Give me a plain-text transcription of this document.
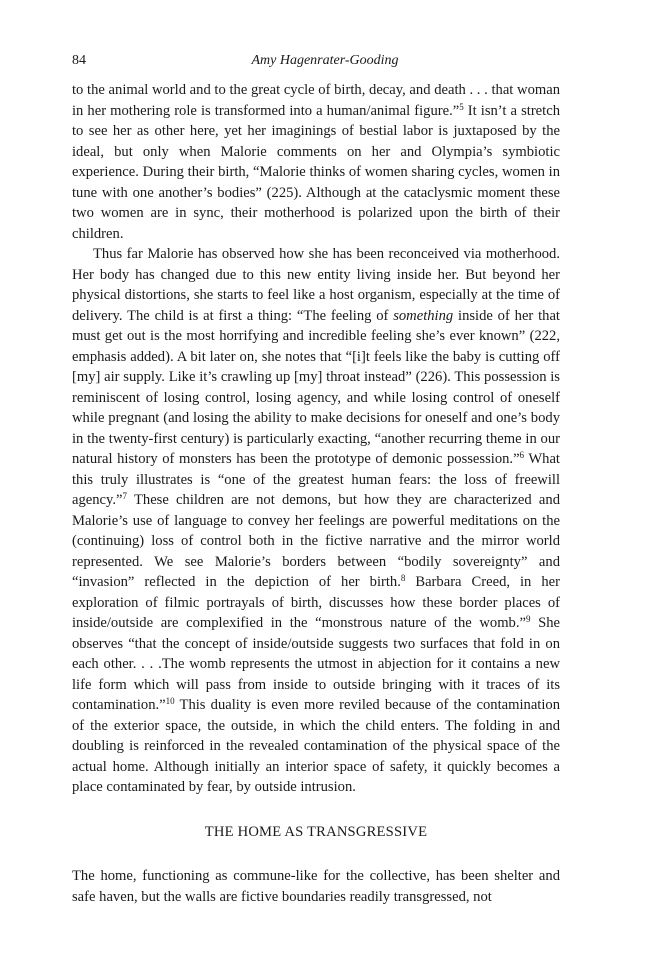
84	Amy Hagenrater-Gooding

to the animal world and to the great cycle of birth, decay, and death . . . that woman in her mothering role is transformed into a human/animal figure.”$^5$ It isn’t a stretch to see her as other here, yet her imaginings of bestial labor is juxtaposed by the ideal, but only when Malorie comments on her and Olympia’s symbiotic experience. During their birth, “Malorie thinks of women sharing cycles, women in tune with one another’s bodies” (225). Although at the cataclysmic moment these two women are in sync, their motherhood is polarized upon the birth of their children.

Thus far Malorie has observed how she has been reconceived via motherhood. Her body has changed due to this new entity living inside her. But beyond her physical distortions, she starts to feel like a host organism, especially at the time of delivery. The child is at first a thing: “The feeling of something inside of her that must get out is the most horrifying and incredible feeling she’s ever known” (222, emphasis added). A bit later on, she notes that “[i]t feels like the baby is cutting off [my] air supply. Like it’s crawling up [my] throat instead” (226). This possession is reminiscent of losing control, losing agency, and while losing control of oneself while pregnant (and losing the ability to make decisions for oneself and one’s body in the twenty-first century) is particularly exacting, “another recurring theme in our natural history of monsters has been the prototype of demonic possession.”$^6$ What this truly illustrates is “one of the greatest human fears: the loss of freewill agency.”$^7$ These children are not demons, but how they are characterized and Malorie’s use of language to convey her feelings are powerful meditations on the (continuing) loss of control both in the fictive narrative and the mirror world represented. We see Malorie’s borders between “bodily sovereignty” and “invasion” reflected in the depiction of her birth.$^8$ Barbara Creed, in her exploration of filmic portrayals of birth, discusses how these border places of inside/outside are complexified in the “monstrous nature of the womb.”$^9$ She observes “that the concept of inside/outside suggests two surfaces that fold in on each other. . . .The womb represents the utmost in abjection for it contains a new life form which will pass from inside to outside bringing with it traces of its contamination.”$^{10}$ This duality is even more reviled because of the contamination of the exterior space, the outside, in which the child enters. The folding in and doubling is reinforced in the revealed contamination of the physical space of the actual home. Although initially an interior space of safety, it quickly becomes a place contaminated by fear, by outside intrusion.

THE HOME AS TRANSGRESSIVE

The home, functioning as commune-like for the collective, has been shelter and safe haven, but the walls are fictive boundaries readily transgressed, not
